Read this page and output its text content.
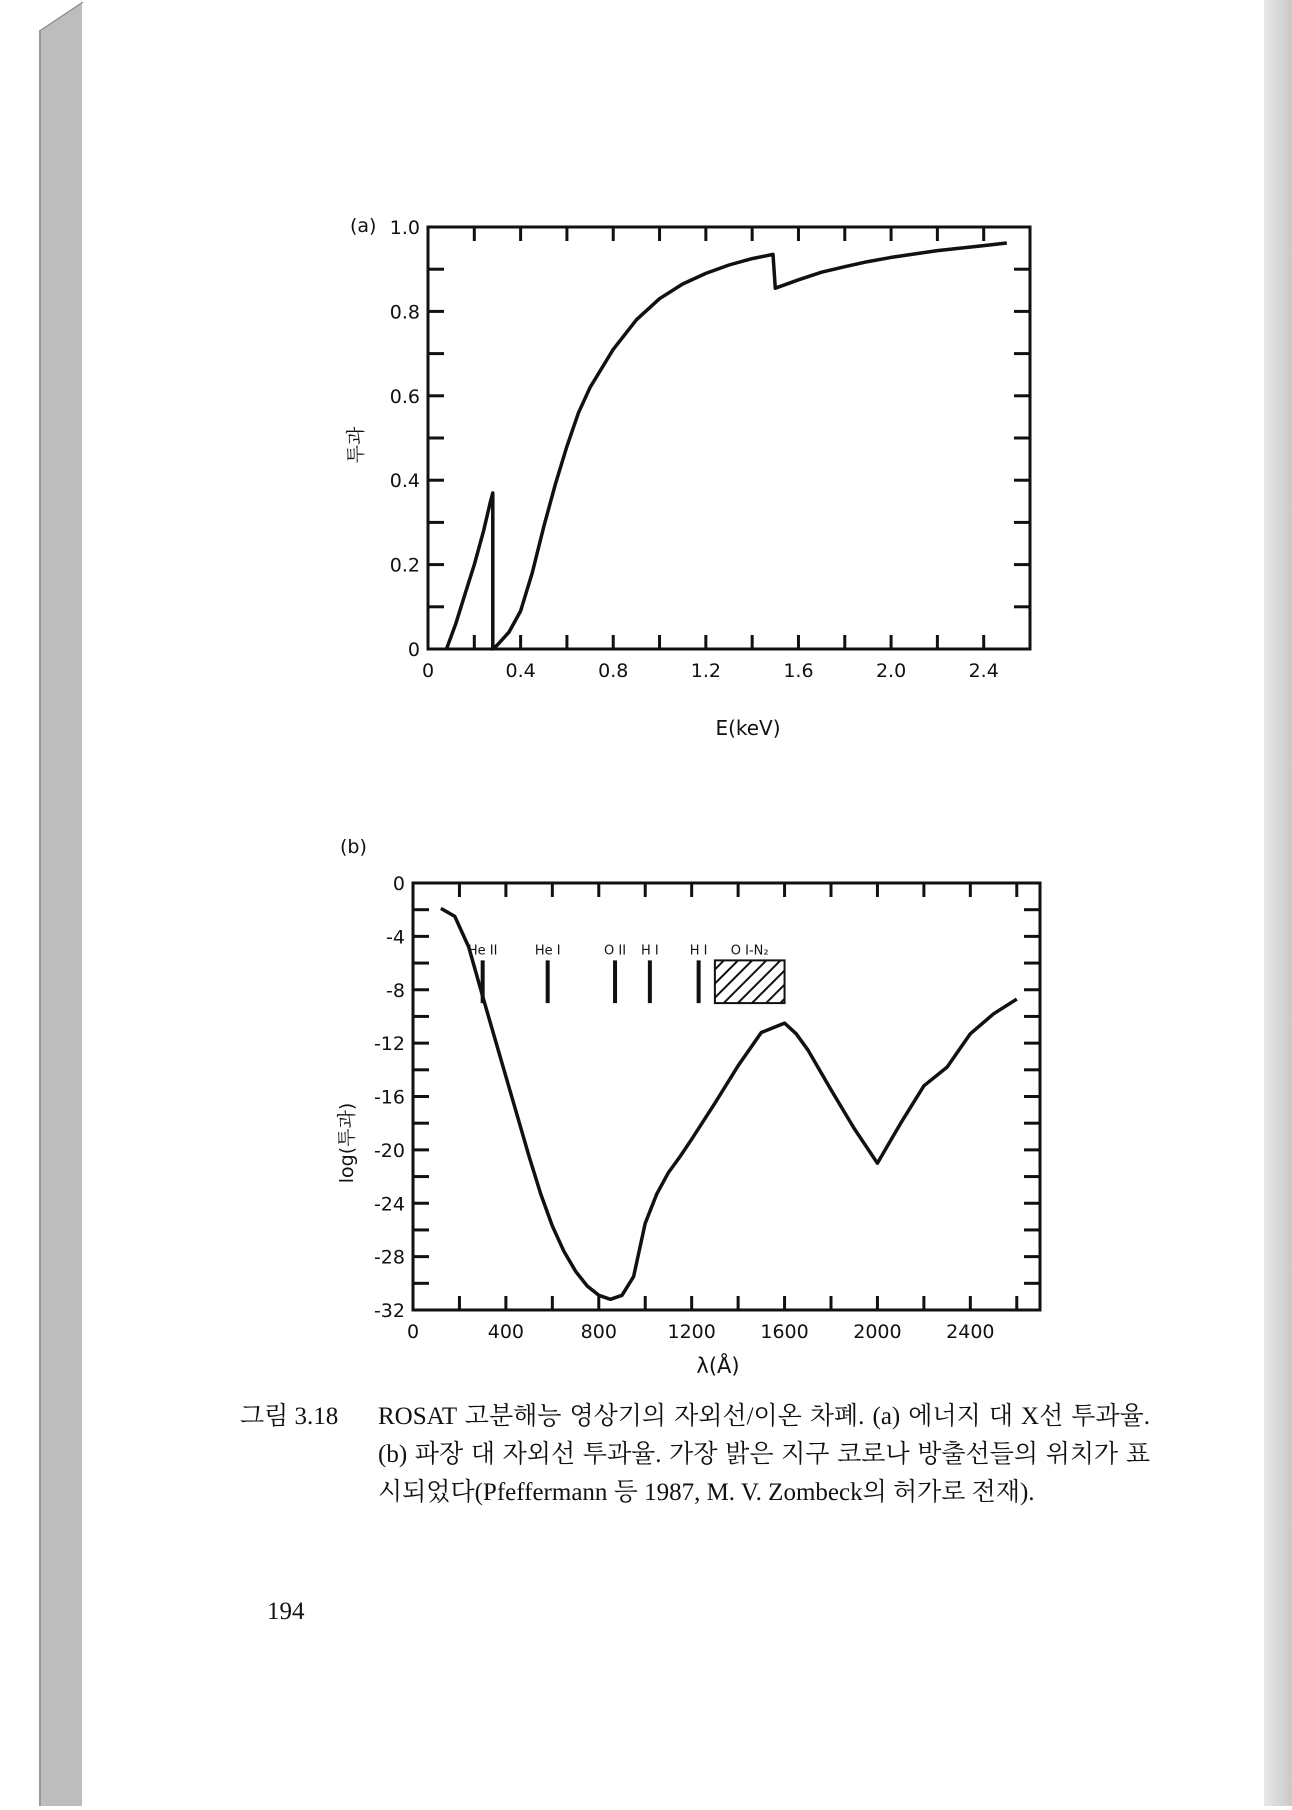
(a)
0	0.4	0.8	1.2	1.6	2.0	2.4
0
0.2
0.4
0.6
0.8
1.0
E(keV)
투과
(b)
0	400	800	1200 1600 2000 2400
0
-4
-8
-12
-16
-20
-24
-28
-32
He II	He I	O II H I H I O I-N₂
λ(Å)
log(투과)
그림 3.18 ROSAT 고분해능 영상기의 자외선/이온 차폐. (a) 에너지 대 X선 투과율. (b) 파장 대 자외선 투과율. 가장 밝은 지구 코로나 방출선들의 위치가 표시되었다(Pfeffermann 등 1987, M. V. Zombeck의 허가로 전재).
194
